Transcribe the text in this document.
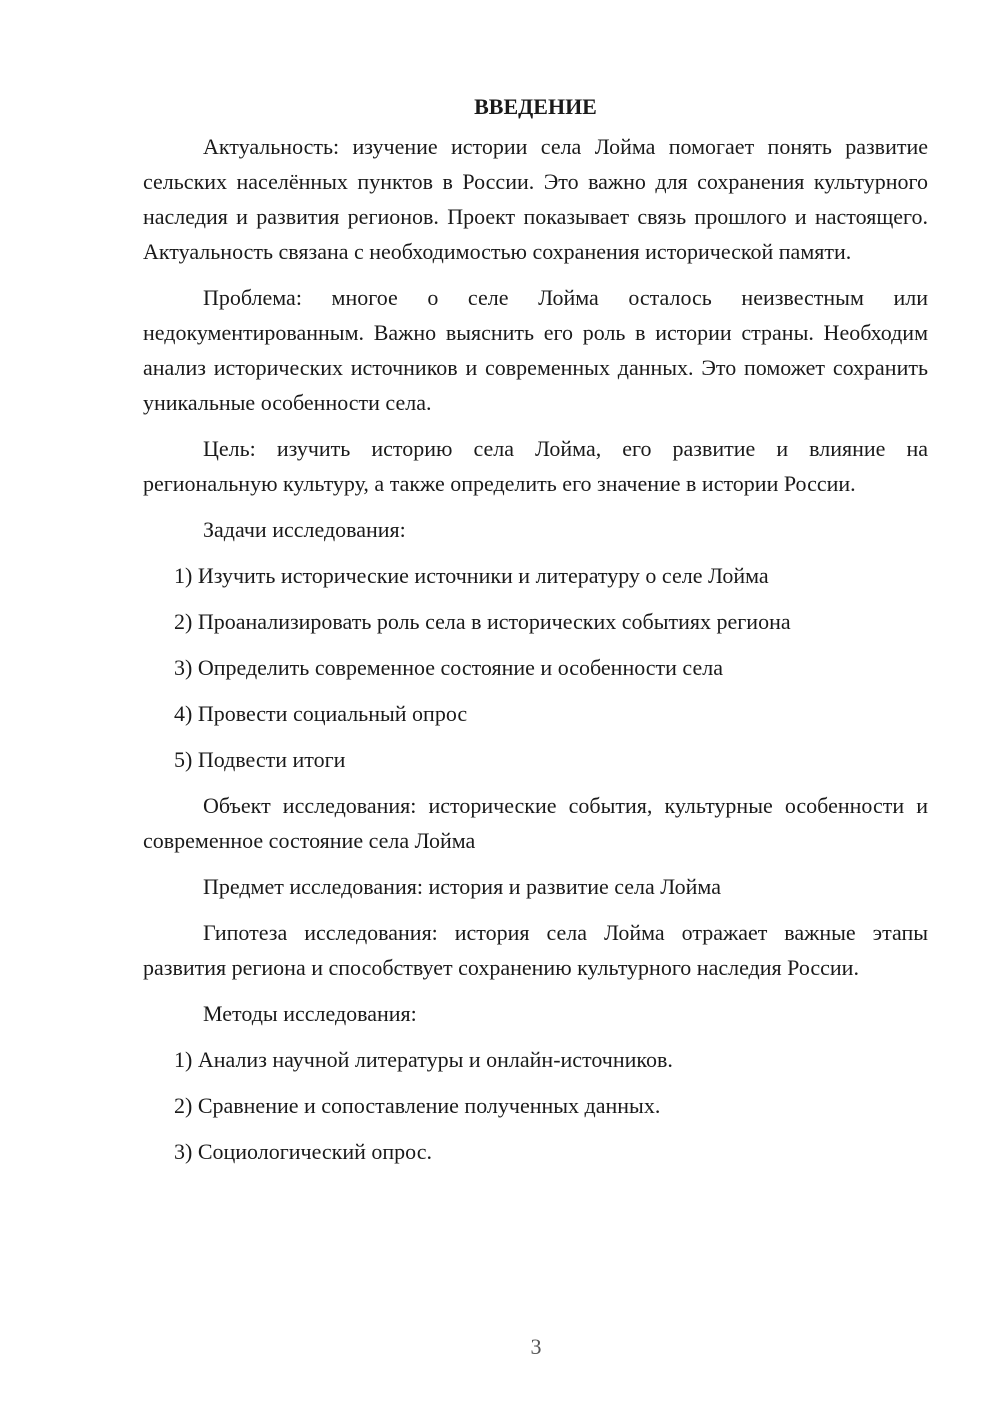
ВВЕДЕНИЕ
Актуальность: изучение истории села Лойма помогает понять развитие сельских населённых пунктов в России. Это важно для сохранения культурного наследия и развития регионов. Проект показывает связь прошлого и настоящего. Актуальность связана с необходимостью сохранения исторической памяти.
Проблема: многое о селе Лойма осталось неизвестным или недокументированным. Важно выяснить его роль в истории страны. Необходим анализ исторических источников и современных данных. Это поможет сохранить уникальные особенности села.
Цель: изучить историю села Лойма, его развитие и влияние на региональную культуру, а также определить его значение в истории России.
Задачи исследования:
1) Изучить исторические источники и литературу о селе Лойма
2) Проанализировать роль села в исторических событиях региона
3) Определить современное состояние и особенности села
4) Провести социальный опрос
5) Подвести итоги
Объект исследования: исторические события, культурные особенности и современное состояние села Лойма
Предмет исследования: история и развитие села Лойма
Гипотеза исследования: история села Лойма отражает важные этапы развития региона и способствует сохранению культурного наследия России.
Методы исследования:
1) Анализ научной литературы и онлайн-источников.
2) Сравнение и сопоставление полученных данных.
3) Социологический опрос.
3
